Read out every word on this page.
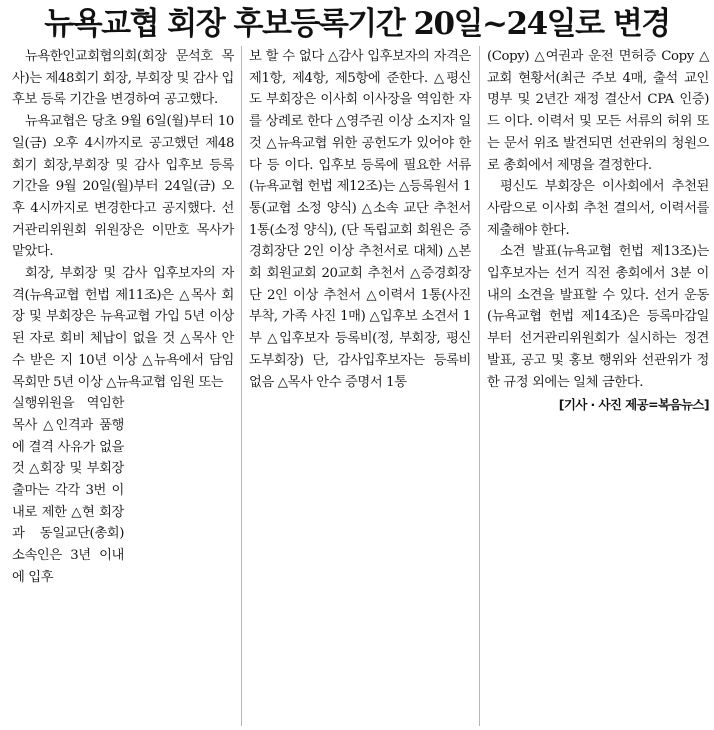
뉴욕교협 회장 후보등록기간 20일~24일로 변경

뉴욕한인교회협의회(회장 문석호 목사)는 제48회기 회장, 부회장 및 감사 입후보 등록 기간을 변경하여 공고했다.

뉴욕교협은 당초 9월 6일(월)부터 10일(금) 오후 4시까지로 공고했던 제48회기 회장,부회장 및 감사 입후보 등록 기간을 9월 20일(월)부터 24일(금) 오후 4시까지로 변경한다고 공지했다. 선거관리위원회 위원장은 이만호 목사가 맡았다.

회장, 부회장 및 감사 입후보자의 자격(뉴욕교협 헌법 제11조)은 △목사 회장 및 부회장은 뉴욕교협 가입 5년 이상된 자로 회비 체납이 없을 것 △목사 안수 받은 지 10년 이상 △뉴욕에서 담임 목회만 5년 이상 △뉴욕교협 임원 또는

실행위원을 역임한 목사 △인격과 품행에 결격 사유가 없을 것 △회장 및 부회장 출마는 각각 3번 이내로 제한 △현 회장과 동일교단(총회) 소속인은 3년 이내에 입후

보 할 수 없다 △감사 입후보자의 자격은 제1항, 제4항, 제5항에 준한다. △평신도 부회장은 이사회 이사장을 역임한 자를 상례로 한다 △영주권 이상 소지자 일 것 △뉴욕교협 위한 공헌도가 있어야 한다 등 이다. 입후보 등록에 필요한 서류(뉴욕교협 헌법 제12조)는 △등록원서 1통(교협 소정 양식) △소속 교단 추천서 1통(소정 양식), (단 독립교회 회원은 증경회장단 2인 이상 추천서로 대체) △본회 회원교회 20교회 추천서 △증경회장단 2인 이상 추천서 △이력서 1통(사진 부착, 가족 사진 1매) △입후보 소견서 1부 △입후보자 등록비(정, 부회장, 평신도부회장) 단, 감사입후보자는 등록비 없음 △목사 안수 증명서 1통

(Copy) △여권과 운전 면허증 Copy △교회 현황서(최근 주보 4매, 출석 교인 명부 및 2년간 재정 결산서 CPA 인증) 드 이다. 이력서 및 모든 서류의 허위 또는 문서 위조 발견되면 선관위의 청원으로 총회에서 제명을 결정한다.

평신도 부회장은 이사회에서 추천된 사람으로 이사회 추천 결의서, 이력서를 제출해야 한다.

소견 발표(뉴욕교협 헌법 제13조)는 입후보자는 선거 직전 총회에서 3분 이내의 소견을 발표할 수 있다. 선거 운동(뉴욕교협 헌법 제14조)은 등록마감일부터 선거관리위원회가 실시하는 정견 발표, 공고 및 홍보 행위와 선관위가 정한 규정 외에는 일체 금한다.

[기사 · 사진 제공=복음뉴스]
